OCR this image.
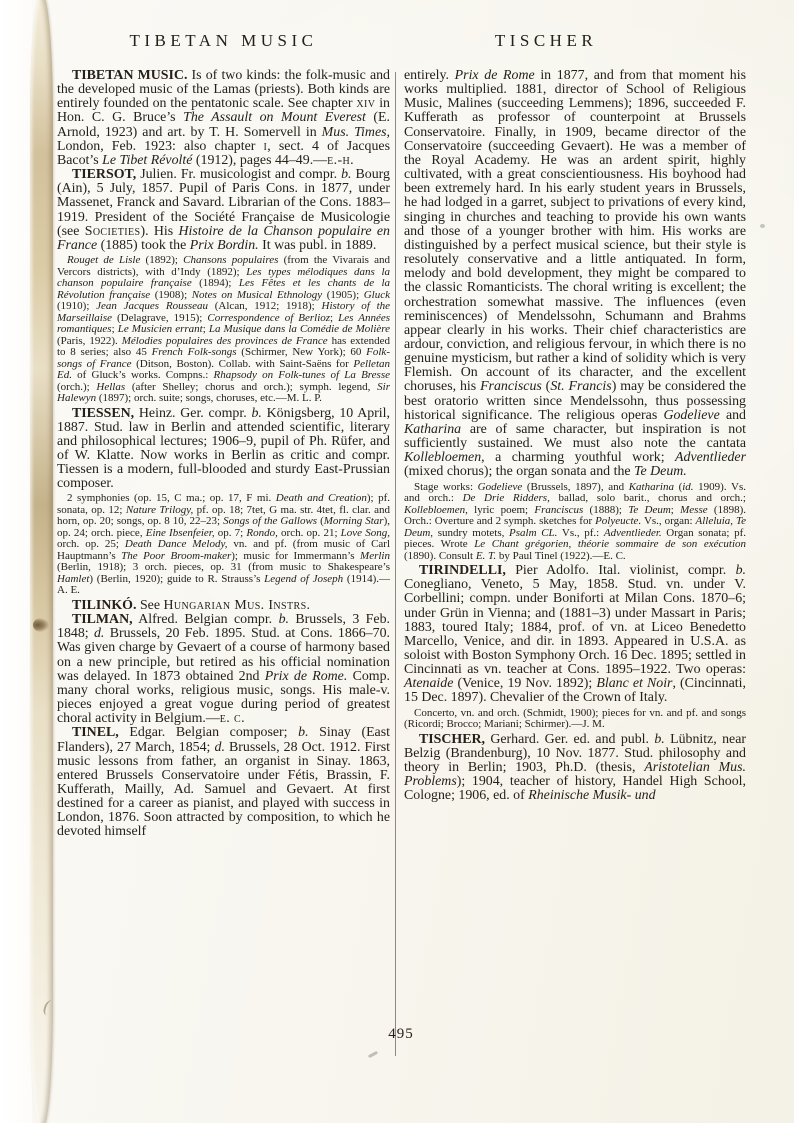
TIBETAN MUSIC	TISCHER

TIBETAN MUSIC. Is of two kinds: the folk-music and the developed music of the Lamas (priests). Both kinds are entirely founded on the pentatonic scale. See chapter xiv in Hon. C. G. Bruce’s The Assault on Mount Everest (E. Arnold, 1923) and art. by T. H. Somervell in Mus. Times, London, Feb. 1923: also chapter i, sect. 4 of Jacques Bacot’s Le Tibet Révolté (1912), pages 44–49.—e.-h.

TIERSOT, Julien. Fr. musicologist and compr. b. Bourg (Ain), 5 July, 1857. Pupil of Paris Cons. in 1877, under Massenet, Franck and Savard. Librarian of the Cons. 1883–1919. President of the Société Française de Musicologie (see Societies). His Histoire de la Chanson populaire en France (1885) took the Prix Bordin. It was publ. in 1889.

Rouget de Lisle (1892); Chansons populaires (from the Vivarais and Vercors districts), with d’Indy (1892); Les types mélodiques dans la chanson populaire française (1894); Les Fêtes et les chants de la Révolution française (1908); Notes on Musical Ethnology (1905); Gluck (1910); Jean Jacques Rousseau (Alcan, 1912; 1918); History of the Marseillaise (Delagrave, 1915); Correspondence of Berlioz; Les Années romantiques; Le Musicien errant; La Musique dans la Comédie de Molière (Paris, 1922). Mélodies populaires des provinces de France has extended to 8 series; also 45 French Folk-songs (Schirmer, New York); 60 Folk-songs of France (Ditson, Boston). Collab. with Saint-Saëns for Pelletan Ed. of Gluck’s works. Compns.: Rhapsody on Folk-tunes of La Bresse (orch.); Hellas (after Shelley; chorus and orch.); symph. legend, Sir Halewyn (1897); orch. suite; songs, choruses, etc.—M. L. P.

TIESSEN, Heinz. Ger. compr. b. Königsberg, 10 April, 1887. Stud. law in Berlin and attended scientific, literary and philosophical lectures; 1906–9, pupil of Ph. Rüfer, and of W. Klatte. Now works in Berlin as critic and compr. Tiessen is a modern, full-blooded and sturdy East-Prussian composer.

2 symphonies (op. 15, C ma.; op. 17, F mi. Death and Creation); pf. sonata, op. 12; Nature Trilogy, pf. op. 18; 7tet, G ma. str. 4tet, fl. clar. and horn, op. 20; songs, op. 8 10, 22–23; Songs of the Gallows (Morning Star), op. 24; orch. piece, Eine Ibsenfeier, op. 7; Rondo, orch. op. 21; Love Song, orch. op. 25; Death Dance Melody, vn. and pf. (from music of Carl Hauptmann’s The Poor Broom-maker); music for Immermann’s Merlin (Berlin, 1918); 3 orch. pieces, op. 31 (from music to Shakespeare’s Hamlet) (Berlin, 1920); guide to R. Strauss’s Legend of Joseph (1914).—A. E.

TILINKÓ. See Hungarian Mus. Instrs.

TILMAN, Alfred. Belgian compr. b. Brussels, 3 Feb. 1848; d. Brussels, 20 Feb. 1895. Stud. at Cons. 1866–70. Was given charge by Gevaert of a course of harmony based on a new principle, but retired as his official nomination was delayed. In 1873 obtained 2nd Prix de Rome. Comp. many choral works, religious music, songs. His male-v. pieces enjoyed a great vogue during period of greatest choral activity in Belgium.—e. c.

TINEL, Edgar. Belgian composer; b. Sinay (East Flanders), 27 March, 1854; d. Brussels, 28 Oct. 1912. First music lessons from father, an organist in Sinay. 1863, entered Brussels Conservatoire under Fétis, Brassin, F. Kufferath, Mailly, Ad. Samuel and Gevaert. At first destined for a career as pianist, and played with success in London, 1876. Soon attracted by composition, to which he devoted himself

entirely. Prix de Rome in 1877, and from that moment his works multiplied. 1881, director of School of Religious Music, Malines (succeeding Lemmens); 1896, succeeded F. Kufferath as professor of counterpoint at Brussels Conservatoire. Finally, in 1909, became director of the Conservatoire (succeeding Gevaert). He was a member of the Royal Academy. He was an ardent spirit, highly cultivated, with a great conscientiousness. His boyhood had been extremely hard. In his early student years in Brussels, he had lodged in a garret, subject to privations of every kind, singing in churches and teaching to provide his own wants and those of a younger brother with him. His works are distinguished by a perfect musical science, but their style is resolutely conservative and a little antiquated. In form, melody and bold development, they might be compared to the classic Romanticists. The choral writing is excellent; the orchestration somewhat massive. The influences (even reminiscences) of Mendelssohn, Schumann and Brahms appear clearly in his works. Their chief characteristics are ardour, conviction, and religious fervour, in which there is no genuine mysticism, but rather a kind of solidity which is very Flemish. On account of its character, and the excellent choruses, his Franciscus (St. Francis) may be considered the best oratorio written since Mendelssohn, thus possessing historical significance. The religious operas Godelieve and Katharina are of same character, but inspiration is not sufficiently sustained. We must also note the cantata Kollebloemen, a charming youthful work; Adventlieder (mixed chorus); the organ sonata and the Te Deum.

Stage works: Godelieve (Brussels, 1897), and Katharina (id. 1909). Vs. and orch.: De Drie Ridders, ballad, solo barit., chorus and orch.; Kollebloemen, lyric poem; Franciscus (1888); Te Deum; Messe (1898). Orch.: Overture and 2 symph. sketches for Polyeucte. Vs., organ: Alleluia, Te Deum, sundry motets, Psalm CL. Vs., pf.: Adventlieder. Organ sonata; pf. pieces. Wrote Le Chant grégorien, théorie sommaire de son exécution (1890). Consult E. T. by Paul Tinel (1922).—E. C.

TIRINDELLI, Pier Adolfo. Ital. violinist, compr. b. Conegliano, Veneto, 5 May, 1858. Stud. vn. under V. Corbellini; compn. under Boniforti at Milan Cons. 1870–6; under Grün in Vienna; and (1881–3) under Massart in Paris; 1883, toured Italy; 1884, prof. of vn. at Liceo Benedetto Marcello, Venice, and dir. in 1893. Appeared in U.S.A. as soloist with Boston Symphony Orch. 16 Dec. 1895; settled in Cincinnati as vn. teacher at Cons. 1895–1922. Two operas: Atenaide (Venice, 19 Nov. 1892); Blanc et Noir, (Cincinnati, 15 Dec. 1897). Chevalier of the Crown of Italy.

Concerto, vn. and orch. (Schmidt, 1900); pieces for vn. and pf. and songs (Ricordi; Brocco; Mariani; Schirmer).—J. M.

TISCHER, Gerhard. Ger. ed. and publ. b. Lübnitz, near Belzig (Brandenburg), 10 Nov. 1877. Stud. philosophy and theory in Berlin; 1903, Ph.D. (thesis, Aristotelian Mus. Problems); 1904, teacher of history, Handel High School, Cologne; 1906, ed. of Rheinische Musik- und

495
